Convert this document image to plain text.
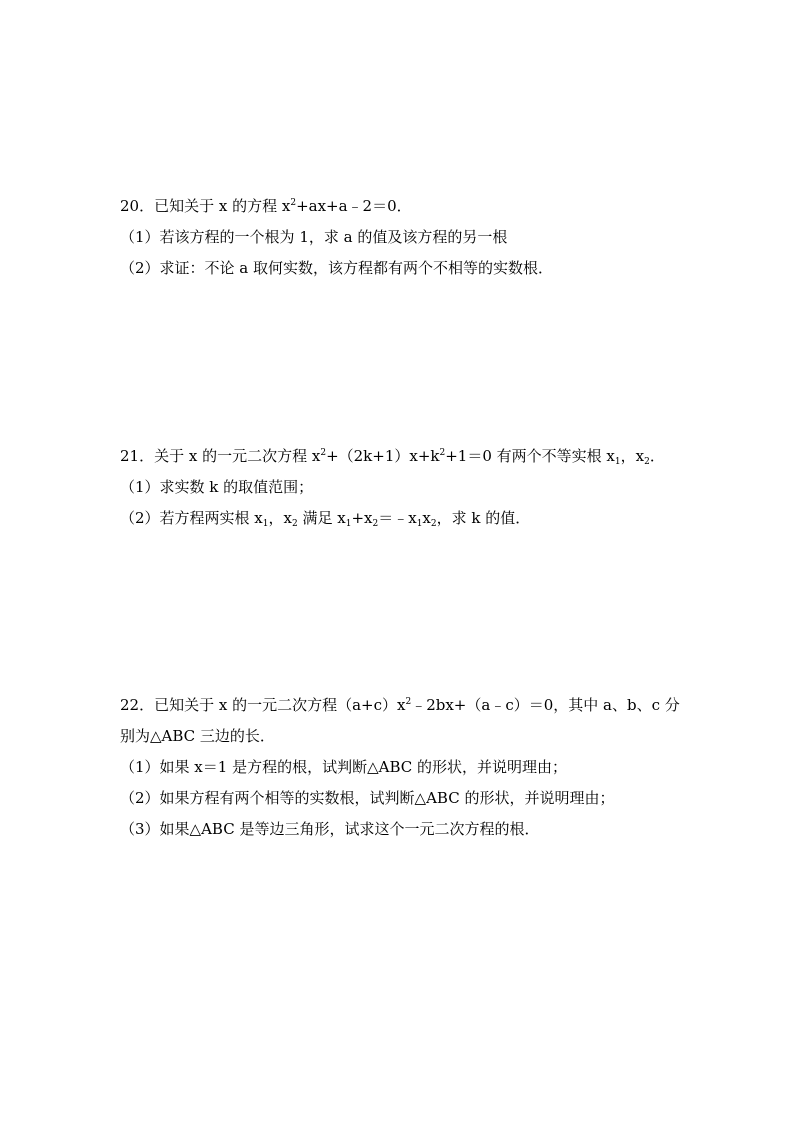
20．已知关于 x 的方程 $x^2+ax+a﹣2=0$．
（1）若该方程的一个根为 1，求 a 的值及该方程的另一根
（2）求证：不论 a 取何实数，该方程都有两个不相等的实数根．
21．关于 x 的一元二次方程 $x^2+(2k+1)x+k^2+1=0$ 有两个不等实根 $x_1$，$x_2$．
（1）求实数 k 的取值范围；
（2）若方程两实根 $x_1$，$x_2$ 满足 $x_1+x_2=﹣x_1x_2$，求 k 的值．
22．已知关于 x 的一元二次方程$(a+c)x^2﹣2bx+(a﹣c)=0$，其中 a、b、c 分
别为△ABC 三边的长．
（1）如果 x＝1 是方程的根，试判断△ABC 的形状，并说明理由；
（2）如果方程有两个相等的实数根，试判断△ABC 的形状，并说明理由；
（3）如果△ABC 是等边三角形，试求这个一元二次方程的根．
